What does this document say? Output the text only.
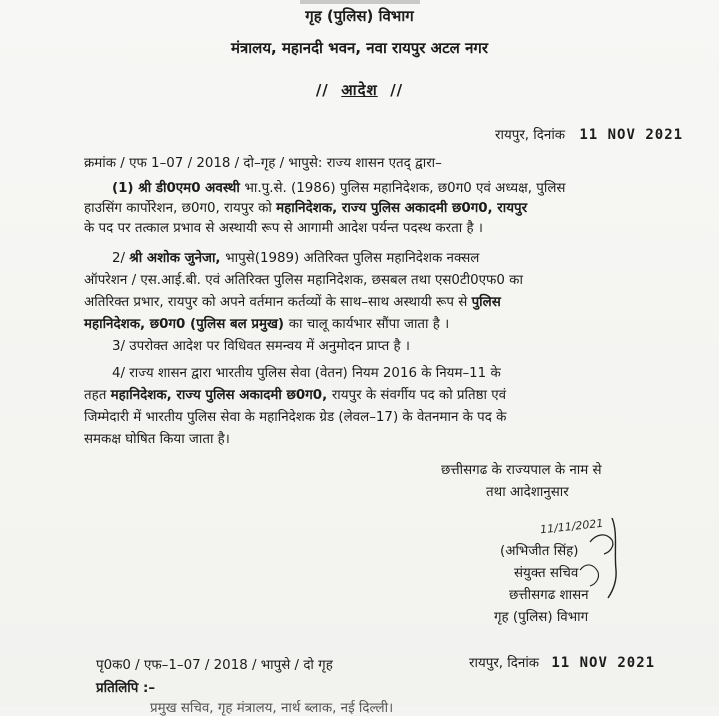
गृह (पुलिस) विभाग
मंत्रालय, महानदी भवन, नवा रायपुर अटल नगर
// आदेश //
रायपुर, दिनांक 11 NOV 2021
क्रमांक / एफ 1–07 / 2018 / दो–गृह / भापुसे: राज्य शासन एतद् द्वारा–
(1) श्री डी0एम0 अवस्थी भा.पु.से. (1986) पुलिस महानिदेशक, छ0ग0 एवं अध्यक्ष, पुलिस
हाउसिंग कार्पोरेशन, छ0ग0, रायपुर को महानिदेशक, राज्य पुलिस अकादमी छ0ग0, रायपुर
के पद पर तत्काल प्रभाव से अस्थायी रूप से आगामी आदेश पर्यन्त पदस्थ करता है ।
2/ श्री अशोक जुनेजा, भापुसे(1989) अतिरिक्त पुलिस महानिदेशक नक्सल
ऑपरेशन / एस.आई.बी. एवं अतिरिक्त पुलिस महानिदेशक, छसबल तथा एस0टी0एफ0 का
अतिरिक्त प्रभार, रायपुर को अपने वर्तमान कर्तव्यों के साथ–साथ अस्थायी रूप से पुलिस
महानिदेशक, छ0ग0 (पुलिस बल प्रमुख) का चालू कार्यभार सौंपा जाता है ।
3/ उपरोक्त आदेश पर विधिवत समन्वय में अनुमोदन प्राप्त है ।
4/ राज्य शासन द्वारा भारतीय पुलिस सेवा (वेतन) नियम 2016 के नियम–11 के
तहत महानिदेशक, राज्य पुलिस अकादमी छ0ग0, रायपुर के संवर्गीय पद को प्रतिष्ठा एवं
जिम्मेदारी में भारतीय पुलिस सेवा के महानिदेशक ग्रेड (लेवल–17) के वेतनमान के पद के
समकक्ष घोषित किया जाता है।
छत्तीसगढ के राज्यपाल के नाम से
तथा आदेशानुसार
11/11/2021
(अभिजीत सिंह)
संयुक्त सचिव
छत्तीसगढ शासन
गृह (पुलिस) विभाग
पृ0क0 / एफ–1–07 / 2018 / भापुसे / दो गृह	रायपुर, दिनांक 11 NOV 2021
प्रतिलिपि :–
प्रमुख सचिव, गृह मंत्रालय, नार्थ ब्लाक, नई दिल्ली।
